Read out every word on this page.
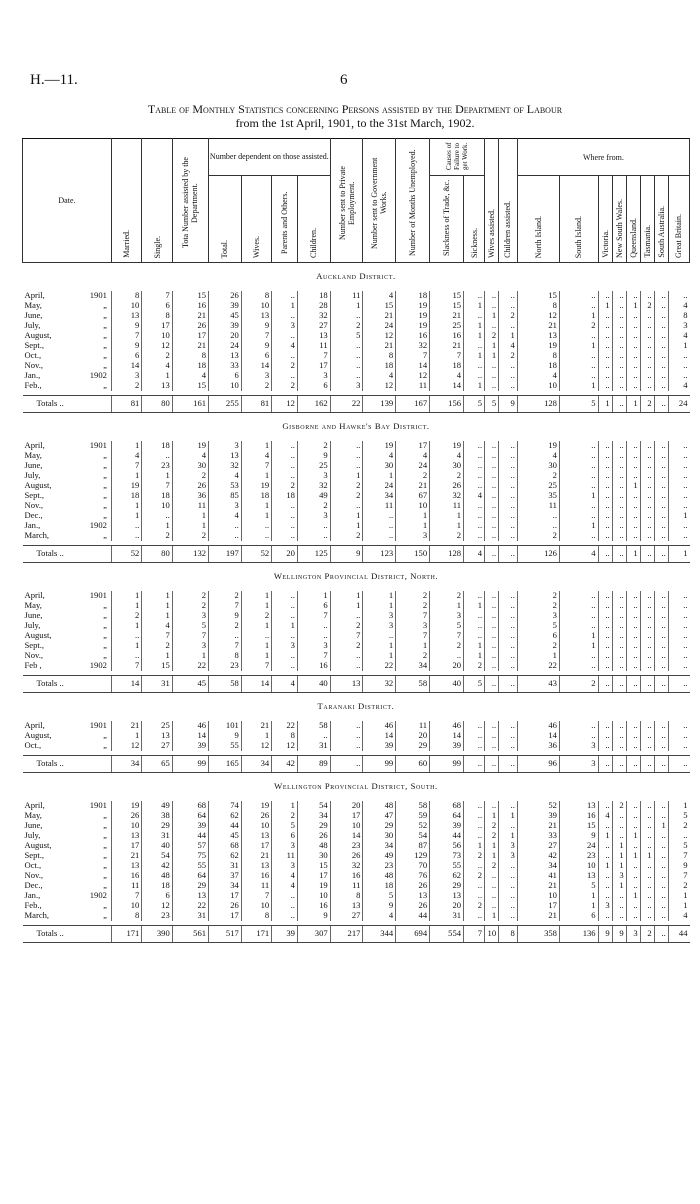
H.—11.	6
Table of Monthly Statistics concerning Persons assisted by the Department of Labour
from the 1st April, 1901, to the 31st March, 1902.
Date.		Married.	Single.	Tota Number assisted by the Department.	Number dependent on those assisted.				Number sent to Private Employment.	Number sent to Government Works.	Number of Months Unemployed.	Causes of Failure to get Work.		Wives assisted.	Children assisted.	Where from.							
					Total.	Wives.	Parents and Others.	Children.				Slackness of Trade, &c.	Sickness.			North Island.	South Island.	Victoria.	New South Wales.	Queensland.	Tasmania.	South Australia.	Great Britain.
Auckland District.																							
April,	1901	8	7	15	26	8	..	18	11	4	18	15	..	..	..	15	..	..	..	..	..	..	..
May,	„	10	6	16	39	10	1	28	1	15	19	15	1	..	..	8	..	1	..	1	2	..	4
June,	„	13	8	21	45	13	..	32	..	21	19	21	..	1	2	12	1	..	..	..	..	..	8
July,	„	9	17	26	39	9	3	27	2	24	19	25	1	..	..	21	2	..	..	..	..	..	3
August,	„	7	10	17	20	7	..	13	5	12	16	16	1	2	1	13	..	..	..	..	..	..	4
Sept.,	„	9	12	21	24	9	4	11	..	21	32	21	..	1	4	19	1	..	..	..	..	..	1
Oct.,	„	6	2	8	13	6	..	7	..	8	7	7	1	1	2	8	..	..	..	..	..	..	..
Nov.,	„	14	4	18	33	14	2	17	..	18	14	18	..	..	..	18	..	..	..	..	..	..	..
Jan.,	1902	3	1	4	6	3	..	3	..	4	12	4	..	..	..	4	..	..	..	..	..	..	..
Feb.,	„	2	13	15	10	2	2	6	3	12	11	14	1	..	..	10	1	..	..	..	..	..	4

Totals ..		81	80	161	255	81	12	162	22	139	167	156	5	5	9	128	5	1	..	1	2	..	24
Gisborne and Hawke's Bay District.																							
April,	1901	1	18	19	3	1	..	2	..	19	17	19	..	..	..	19	..	..	..	..	..	..	..
May,	„	4	..	4	13	4	..	9	..	4	4	4	..	..	..	4	..	..	..	..	..	..	..
June,	„	7	23	30	32	7	..	25	..	30	24	30	..	..	..	30	..	..	..	..	..	..	..
July,	„	1	1	2	4	1	..	3	1	1	2	2	..	..	..	2	..	..	..	..	..	..	..
August,	„	19	7	26	53	19	2	32	2	24	21	26	..	..	..	25	..	..	..	1	..	..	..
Sept.,	„	18	18	36	85	18	18	49	2	34	67	32	4	..	..	35	1	..	..	..	..	..	..
Nov.,	„	1	10	11	3	1	..	2	..	11	10	11	..	..	..	11	..	..	..	..	..	..	..
Dec.,	„	1	..	1	4	1	..	3	1	..	1	1	..	..	..	..	..	..	..	..	..	..	1
Jan.,	1902	..	1	1	..	..	..	..	1	..	1	1	..	..	..	..	1	..	..	..	..	..	..
March,	„	..	2	2	..	..	..	..	2	..	3	2	..	..	..	2	..	..	..	..	..	..	..

Totals ..		52	80	132	197	52	20	125	9	123	150	128	4	..	..	126	4	..	..	1	..	..	1
Wellington Provincial District, North.																							
April,	1901	1	1	2	2	1	..	1	1	1	2	2	..	..	..	2	..	..	..	..	..	..	..
May,	„	1	1	2	7	1	..	6	1	1	2	1	1	..	..	2	..	..	..	..	..	..	..
June,	„	2	1	3	9	2	..	7	..	3	7	3	..	..	..	3	..	..	..	..	..	..	..
July,	„	1	4	5	2	1	1	..	2	3	3	5	..	..	..	5	..	..	..	..	..	..	..
August,	„	..	7	7	..	..	..	..	7	..	7	7	..	..	..	6	1	..	..	..	..	..	..
Sept.,	„	1	2	3	7	1	3	3	2	1	1	2	1	..	..	2	1	..	..	..	..	..	..
Nov.,	„	..	1	1	8	1	..	7	..	1	2	..	1	..	..	1	..	..	..	..	..	..	..
Feb ,	1902	7	15	22	23	7	..	16	..	22	34	20	2	..	..	22	..	..	..	..	..	..	..

Totals ..		14	31	45	58	14	4	40	13	32	58	40	5	..	..	43	2	..	..	..	..	..	..
Taranaki District.																							
April,	1901	21	25	46	101	21	22	58	..	46	11	46	..	..	..	46	..	..	..	..	..	..	..
August,	„	1	13	14	9	1	8	..	..	14	20	14	..	..	..	14	..	..	..	..	..	..	..
Oct.,	„	12	27	39	55	12	12	31	..	39	29	39	..	..	..	36	3	..	..	..	..	..	..

Totals ..		34	65	99	165	34	42	89	..	99	60	99	..	..	..	96	3	..	..	..	..	..	..
Wellington Provincial District, South.																							
April,	1901	19	49	68	74	19	1	54	20	48	58	68	..	..	..	52	13	..	2	..	..	..	1
May,	„	26	38	64	62	26	2	34	17	47	59	64	..	1	1	39	16	4	..	..	..	..	5
June,	„	10	29	39	44	10	5	29	10	29	52	39	..	2	..	21	15	..	..	..	..	1	2
July,	„	13	31	44	45	13	6	26	14	30	54	44	..	2	1	33	9	1	..	1	..	..	..
August,	„	17	40	57	68	17	3	48	23	34	87	56	1	1	3	27	24	..	1	..	..	..	5
Sept.,	„	21	54	75	62	21	11	30	26	49	129	73	2	1	3	42	23	..	1	1	1	..	7
Oct.,	„	13	42	55	31	13	3	15	32	23	70	55	..	2	..	34	10	1	1	..	..	..	9
Nov.,	„	16	48	64	37	16	4	17	16	48	76	62	2	..	..	41	13	..	3	..	..	..	7
Dec.,	„	11	18	29	34	11	4	19	11	18	26	29	..	..	..	21	5	..	1	..	..	..	2
Jan.,	1902	7	6	13	17	7	..	10	8	5	13	13	..	..	..	10	1	..	..	1	..	..	1
Feb.,	„	10	12	22	26	10	..	16	13	9	26	20	2	..	..	17	1	3	..	..	..	..	1
March,	„	8	23	31	17	8	..	9	27	4	44	31	..	1	..	21	6	..	..	..	..	..	4

Totals ..		171	390	561	517	171	39	307	217	344	694	554	7	10	8	358	136	9	9	3	2	..	44
